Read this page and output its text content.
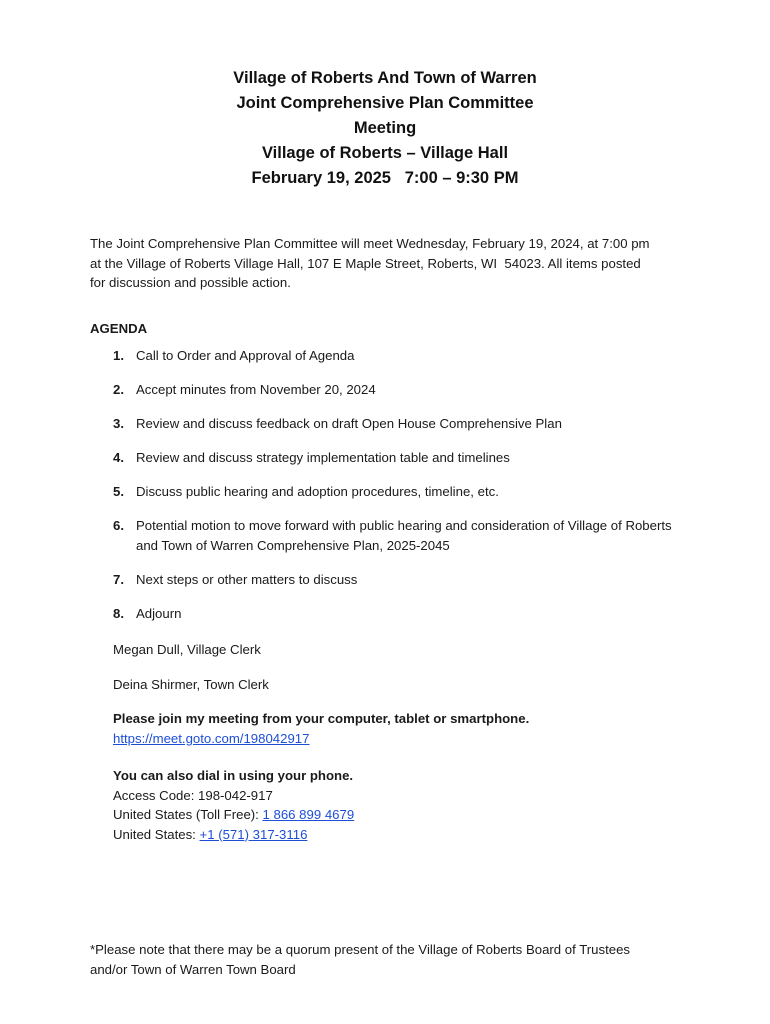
Village of Roberts And Town of Warren
Joint Comprehensive Plan Committee
Meeting
Village of Roberts – Village Hall
February 19, 2025   7:00 – 9:30 PM
The Joint Comprehensive Plan Committee will meet Wednesday, February 19, 2024, at 7:00 pm
at the Village of Roberts Village Hall, 107 E Maple Street, Roberts, WI  54023. All items posted
for discussion and possible action.
AGENDA
1. Call to Order and Approval of Agenda
2. Accept minutes from November 20, 2024
3. Review and discuss feedback on draft Open House Comprehensive Plan
4. Review and discuss strategy implementation table and timelines
5. Discuss public hearing and adoption procedures, timeline, etc.
6. Potential motion to move forward with public hearing and consideration of Village of Roberts and Town of Warren Comprehensive Plan, 2025-2045
7. Next steps or other matters to discuss
8. Adjourn
Megan Dull, Village Clerk
Deina Shirmer, Town Clerk
Please join my meeting from your computer, tablet or smartphone.
https://meet.goto.com/198042917
You can also dial in using your phone.
Access Code: 198-042-917
United States (Toll Free): 1 866 899 4679
United States: +1 (571) 317-3116
*Please note that there may be a quorum present of the Village of Roberts Board of Trustees
and/or Town of Warren Town Board
